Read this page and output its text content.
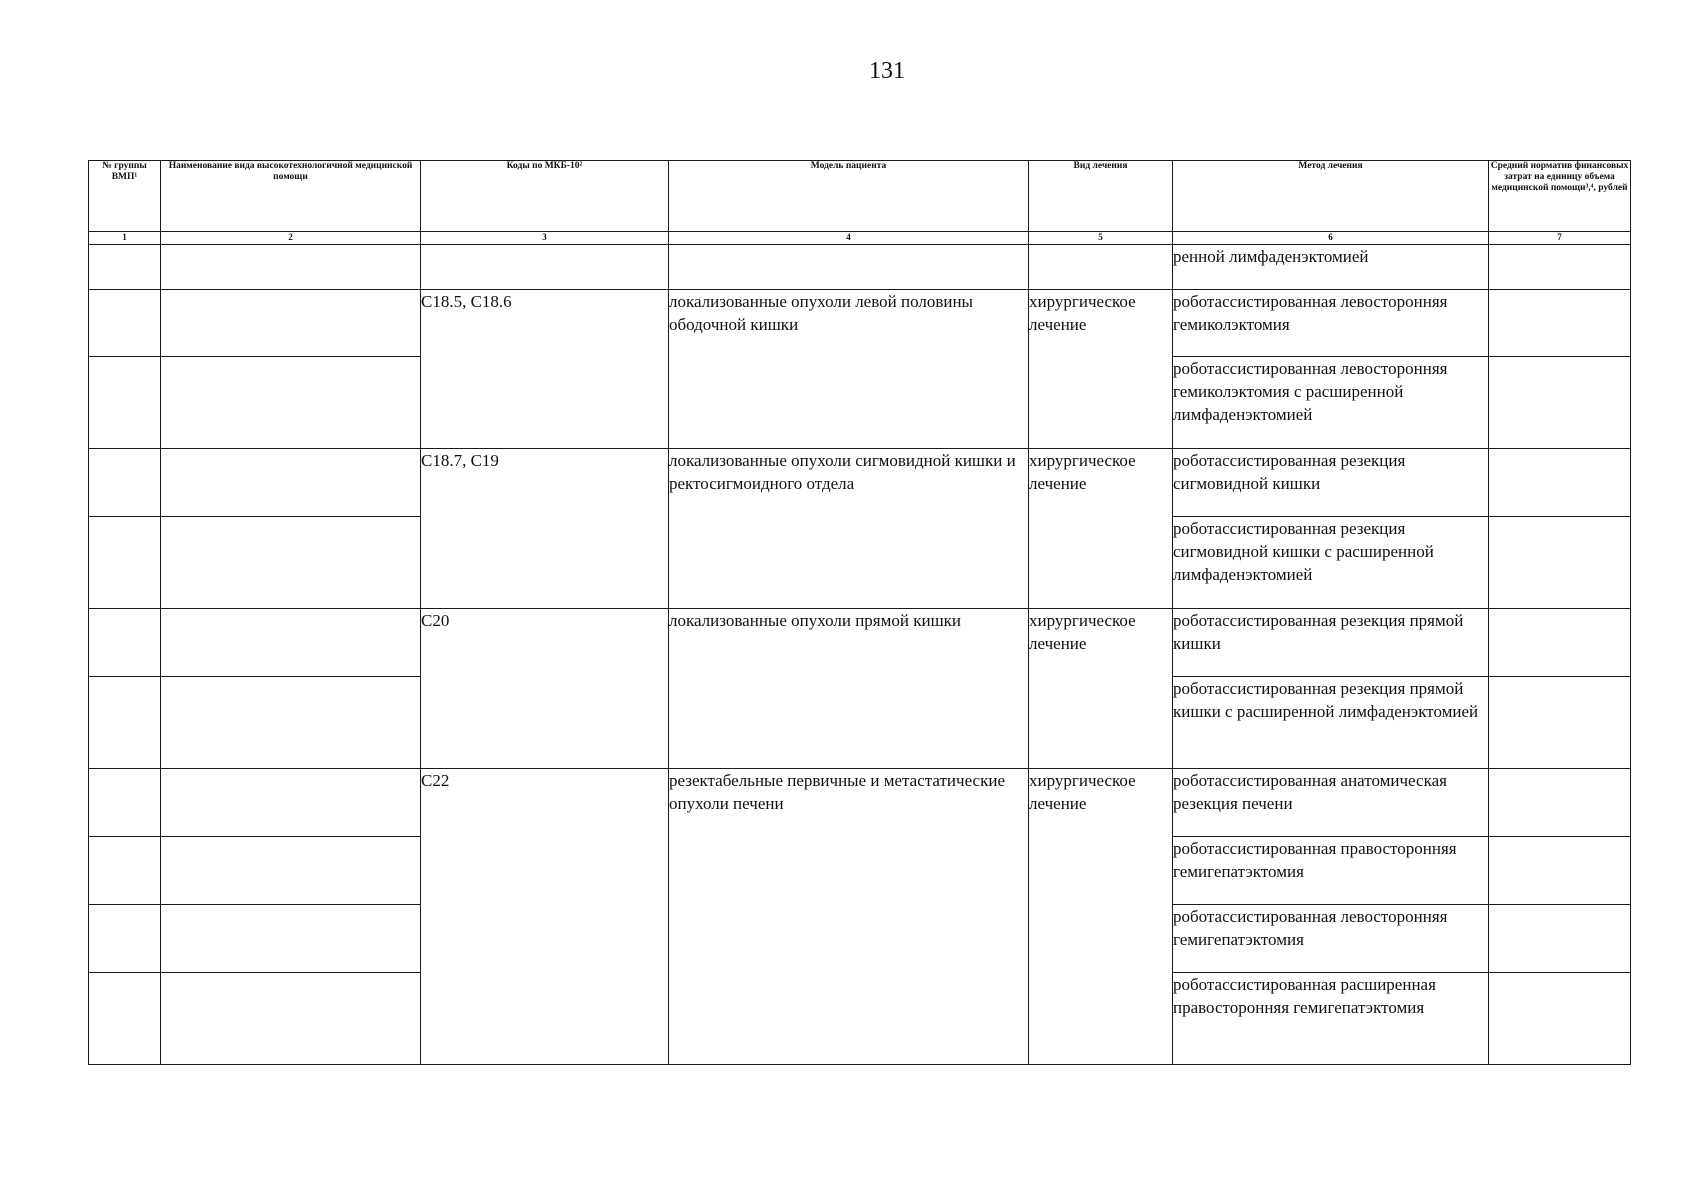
131
№ группы ВМП¹	Наименование вида высокотехнологичной медицинской помощи	Коды по МКБ-10²	Модель пациента	Вид лечения	Метод лечения	Средний норматив финансовых затрат на единицу объема медицинской помощи³,⁴, рублей
1	2	3	4	5	6	7
					ренной лимфаденэктомией	
		C18.5, C18.6	локализованные опухоли левой половины ободочной кишки	хирургическое лечение	роботассистированная левосторонняя гемиколэктомия	
					роботассистированная левосторонняя гемиколэктомия с расширенной лимфаденэктомией	
		C18.7, C19	локализованные опухоли сигмовидной кишки и ректосигмоидного отдела	хирургическое лечение	роботассистированная резекция сигмовидной кишки	
					роботассистированная резекция сигмовидной кишки с расширенной лимфаденэктомией	
		C20	локализованные опухоли прямой кишки	хирургическое лечение	роботассистированная резекция прямой кишки	
					роботассистированная резекция прямой кишки с расширенной лимфаденэктомией	
		C22	резектабельные первичные и метастатические опухоли печени	хирургическое лечение	роботассистированная анатомическая резекция печени	
					роботассистированная правосторонняя гемигепатэктомия	
					роботассистированная левосторонняя гемигепатэктомия	
					роботассистированная расширенная правосторонняя гемигепатэктомия	
